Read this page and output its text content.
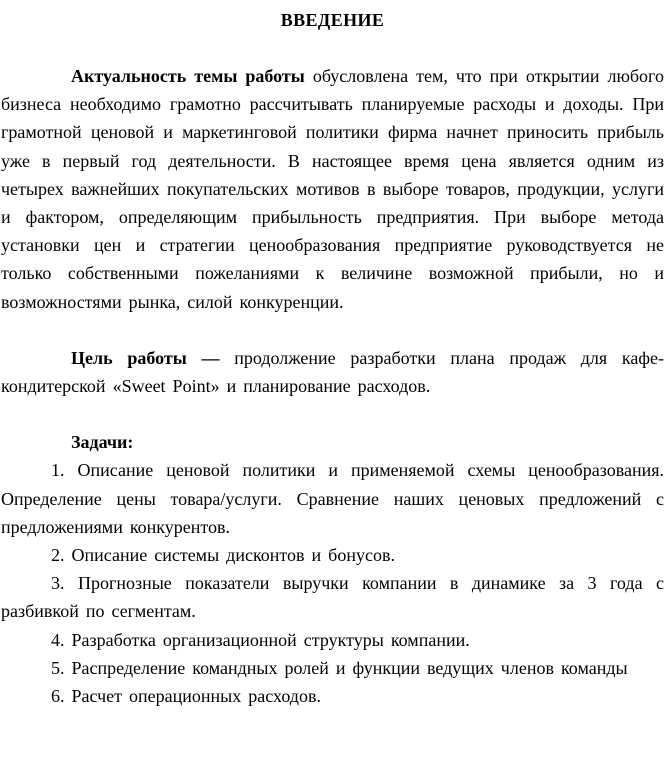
ВВЕДЕНИЕ

Актуальность темы работы обусловлена тем, что при открытии любого бизнеса необходимо грамотно рассчитывать планируемые расходы и доходы. При грамотной ценовой и маркетинговой политики фирма начнет приносить прибыль уже в первый год деятельности. В настоящее время цена является одним из четырех важнейших покупательских мотивов в выборе товаров, продукции, услуги и фактором, определяющим прибыльность предприятия. При выборе метода установки цен и стратегии ценообразования предприятие руководствуется не только собственными пожеланиями к величине возможной прибыли, но и возможностями рынка, силой конкуренции.

Цель работы — продолжение разработки плана продаж для кафе-кондитерской «Sweet Point» и планирование расходов.

Задачи:

1. Описание ценовой политики и применяемой схемы ценообразования. Определение цены товара/услуги. Сравнение наших ценовых предложений с предложениями конкурентов.

2. Описание системы дисконтов и бонусов.

3. Прогнозные показатели выручки компании в динамике за 3 года с разбивкой по сегментам.

4. Разработка организационной структуры компании.

5. Распределение командных ролей и функции ведущих членов команды

6. Расчет операционных расходов.
